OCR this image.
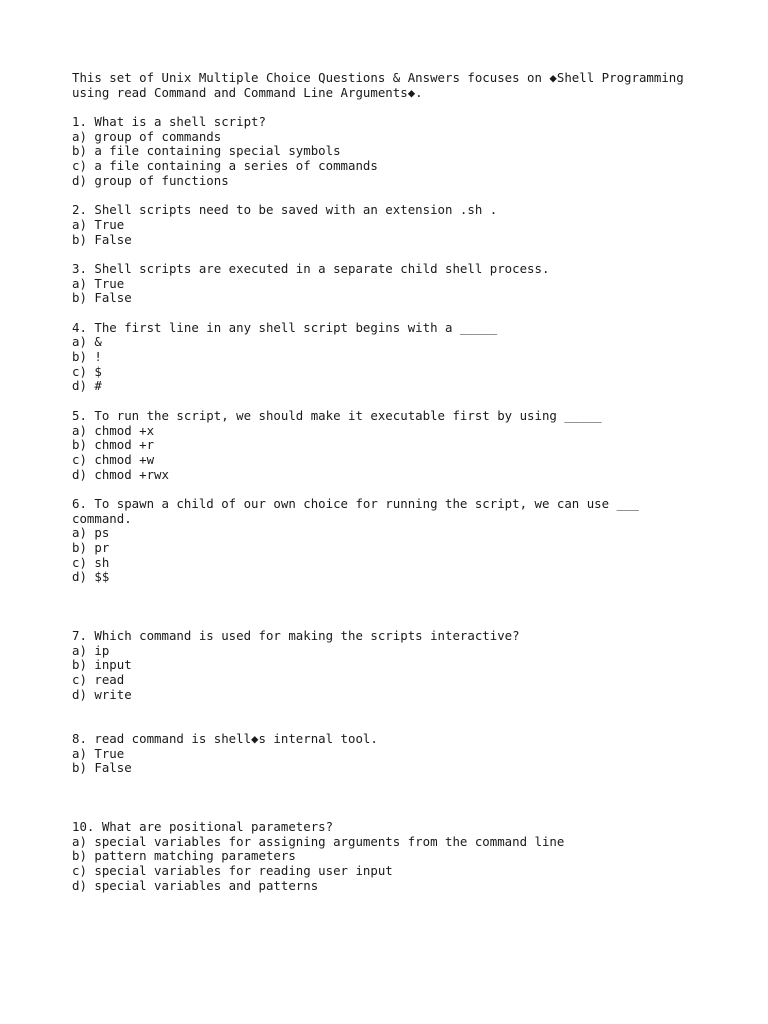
This set of Unix Multiple Choice Questions & Answers focuses on ◆Shell Programming
using read Command and Command Line Arguments◆.
1. What is a shell script?
a) group of commands
b) a file containing special symbols
c) a file containing a series of commands
d) group of functions
2. Shell scripts need to be saved with an extension .sh .
a) True
b) False
3. Shell scripts are executed in a separate child shell process.
a) True
b) False
4. The first line in any shell script begins with a _____
a) &
b) !
c) $
d) #
5. To run the script, we should make it executable first by using _____
a) chmod +x
b) chmod +r
c) chmod +w
d) chmod +rwx
6. To spawn a child of our own choice for running the script, we can use ___
command.
a) ps
b) pr
c) sh
d) $$
7. Which command is used for making the scripts interactive?
a) ip
b) input
c) read
d) write
8. read command is shell◆s internal tool.
a) True
b) False
10. What are positional parameters?
a) special variables for assigning arguments from the command line
b) pattern matching parameters
c) special variables for reading user input
d) special variables and patterns
